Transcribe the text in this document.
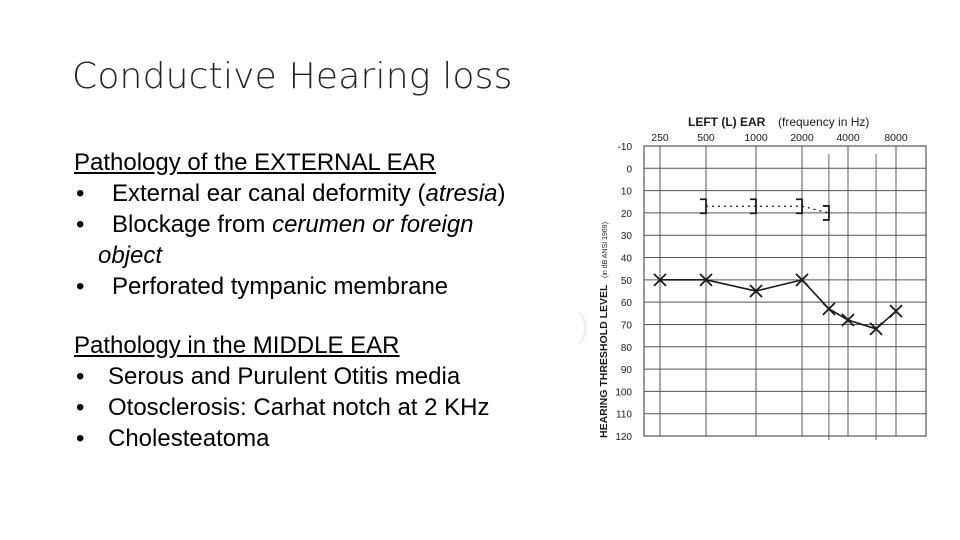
Conductive Hearing loss
Pathology of the EXTERNAL EAR
•	External ear canal deformity (atresia)
•	Blockage from cerumen or foreign
object
•	Perforated tympanic membrane
Pathology in the MIDDLE EAR
• Serous and Purulent Otitis media
• Otosclerosis: Carhat notch at 2 KHz
• Cholesteatoma
LEFT (L) EAR (frequency in Hz)
HEARING THRESHOLD LEVEL
(in dB ANSI 1969)
-10
0
10
20
30
40
50
60
70
80
90
100
110
120
250	500	1000 2000 4000 8000
